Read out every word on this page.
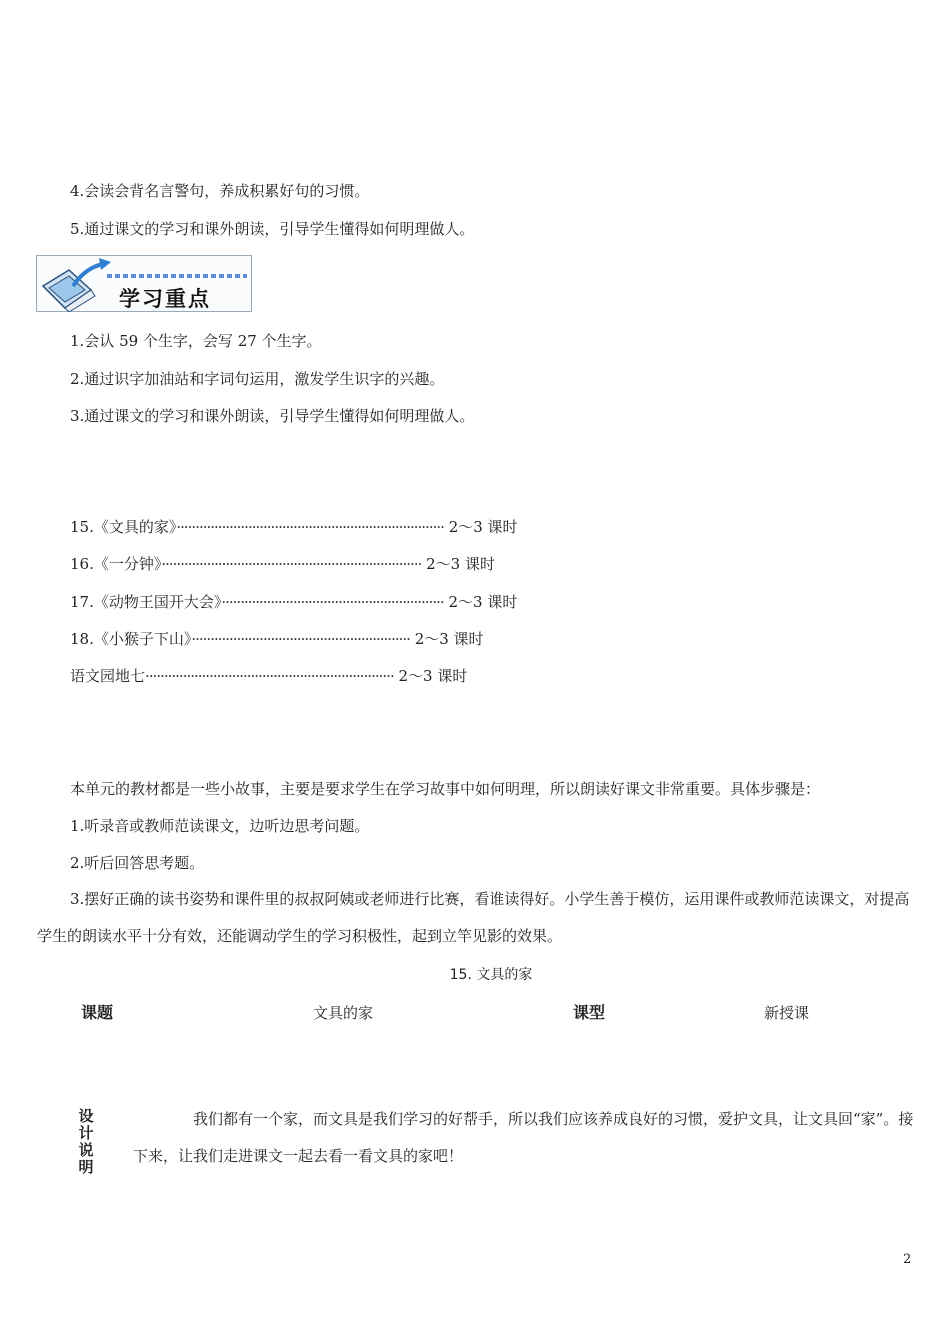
4.会读会背名言警句，养成积累好句的习惯。
5.通过课文的学习和课外朗读，引导学生懂得如何明理做人。
学习重点
1.会认 59 个生字，会写 27 个生字。
2.通过识字加油站和字词句运用，激发学生识字的兴趣。
3.通过课文的学习和课外朗读，引导学生懂得如何明理做人。
15.《文具的家》······································································· 2～3 课时
16.《一分钟》····································································· 2～3 课时
17.《动物王国开大会》··························································· 2～3 课时
18.《小猴子下山》·························································· 2～3 课时
语文园地七·································································· 2～3 课时
本单元的教材都是一些小故事，主要是要求学生在学习故事中如何明理，所以朗读好课文非常重要。具体步骤是：
1.听录音或教师范读课文，边听边思考问题。
2.听后回答思考题。
3.摆好正确的读书姿势和课件里的叔叔阿姨或老师进行比赛，看谁读得好。小学生善于模仿，运用课件或教师范读课文，对提高学生的朗读水平十分有效，还能调动学生的学习积极性，起到立竿见影的效果。
15. 文具的家
课题	文具的家	课型	新授课
设
计
说
明
我们都有一个家，而文具是我们学习的好帮手，所以我们应该养成良好的习惯，爱护文具，让文具回“家”。接下来，让我们走进课文一起去看一看文具的家吧！
2
